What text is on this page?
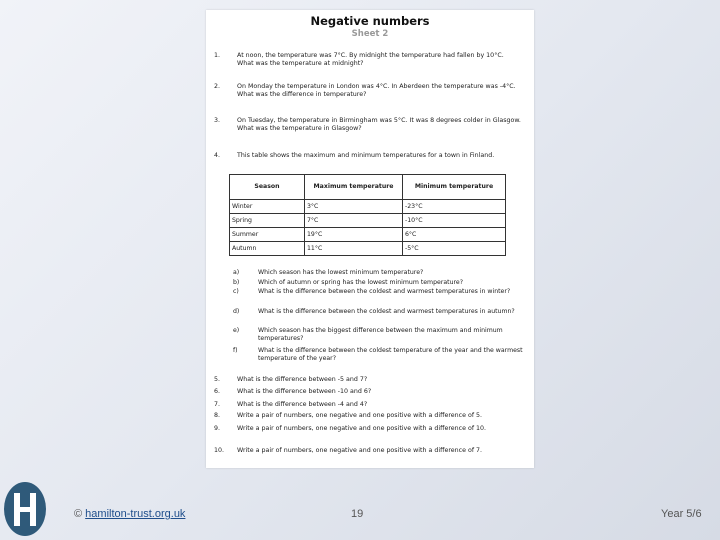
Negative numbers
Sheet 2
1.	At noon, the temperature was 7°C. By midnight the temperature had fallen by 10°C. What was the temperature at midnight?
2.	On Monday the temperature in London was 4°C. In Aberdeen the temperature was -4°C. What was the difference in temperature?
3.	On Tuesday, the temperature in Birmingham was 5°C. It was 8 degrees colder in Glasgow. What was the temperature in Glasgow?
4.	This table shows the maximum and minimum temperatures for a town in Finland.
Season	Maximum temperature	Minimum temperature
Winter	3°C	-23°C
Spring	7°C	-10°C
Summer	19°C	6°C
Autumn	11°C	-5°C
a)	Which season has the lowest minimum temperature?
b)	Which of autumn or spring has the lowest minimum temperature?
c)	What is the difference between the coldest and warmest temperatures in winter?
d)	What is the difference between the coldest and warmest temperatures in autumn?
e)	Which season has the biggest difference between the maximum and minimum temperatures?
f)	What is the difference between the coldest temperature of the year and the warmest temperature of the year?
5.	What is the difference between -5 and 7?
6.	What is the difference between -10 and 6?
7.	What is the difference between -4 and 4?
8.	Write a pair of numbers, one negative and one positive with a difference of 5.
9.	Write a pair of numbers, one negative and one positive with a difference of 10.
10.	Write a pair of numbers, one negative and one positive with a difference of 7.
© hamilton-trust.org.uk	19	Year 5/6
